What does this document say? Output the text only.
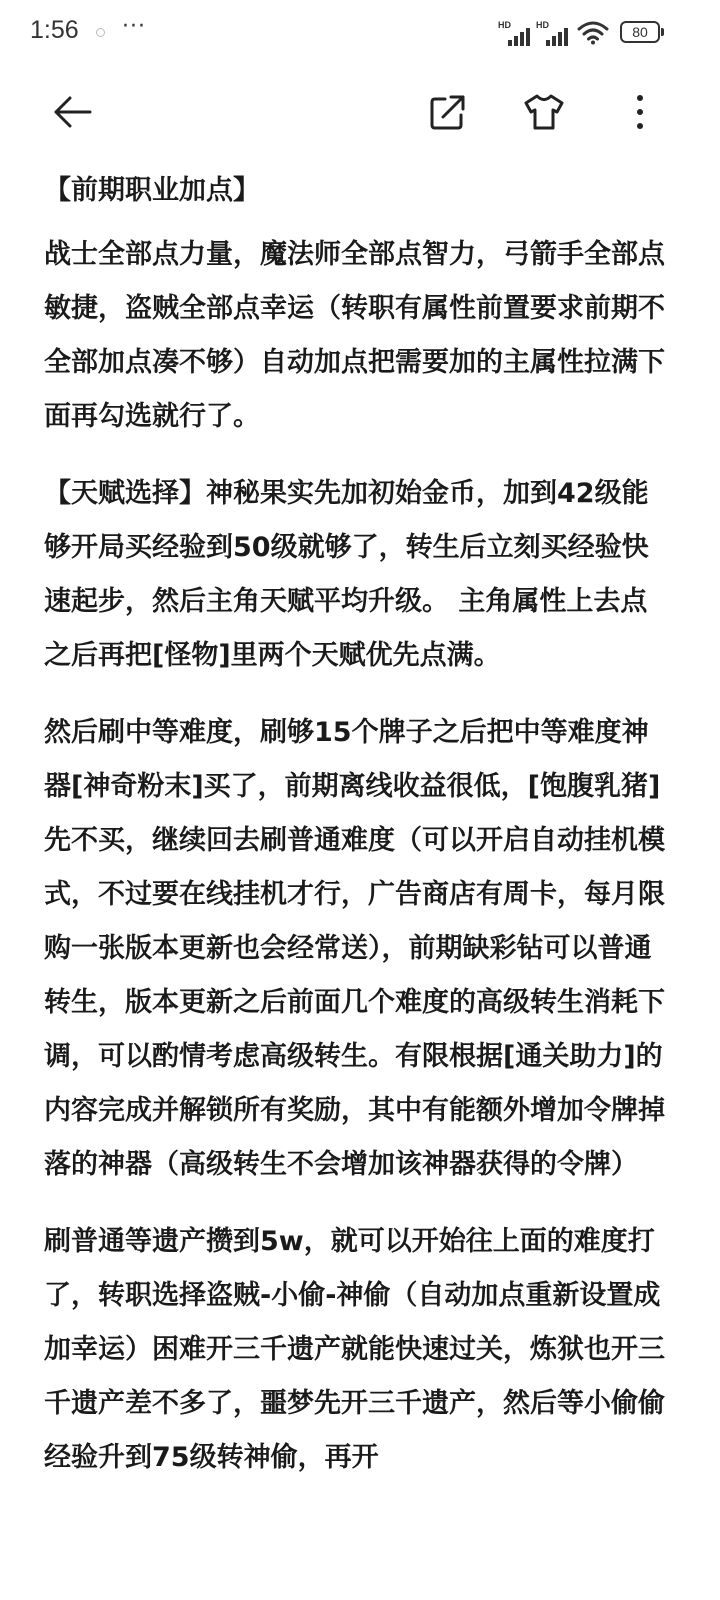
1:56 ···	HD	HD	80

【前期职业加点】

战士全部点力量，魔法师全部点智力，弓箭手全部点敏捷，盗贼全部点幸运（转职有属性前置要求前期不全部加点凑不够）自动加点把需要加的主属性拉满下面再勾选就行了。

【天赋选择】神秘果实先加初始金币，加到42级能够开局买经验到50级就够了，转生后立刻买经验快速起步，然后主角天赋平均升级。 主角属性上去点之后再把[怪物]里两个天赋优先点满。

然后刷中等难度，刷够15个牌子之后把中等难度神器[神奇粉末]买了，前期离线收益很低，[饱腹乳猪]先不买，继续回去刷普通难度（可以开启自动挂机模式，不过要在线挂机才行，广告商店有周卡，每月限购一张版本更新也会经常送），前期缺彩钻可以普通转生，版本更新之后前面几个难度的高级转生消耗下调，可以酌情考虑高级转生。有限根据[通关助力]的内容完成并解锁所有奖励，其中有能额外增加令牌掉落的神器（高级转生不会增加该神器获得的令牌）

刷普通等遗产攒到5w，就可以开始往上面的难度打了，转职选择盗贼-小偷-神偷（自动加点重新设置成加幸运）困难开三千遗产就能快速过关，炼狱也开三千遗产差不多了，噩梦先开三千遗产，然后等小偷偷经验升到75级转神偷，再开
